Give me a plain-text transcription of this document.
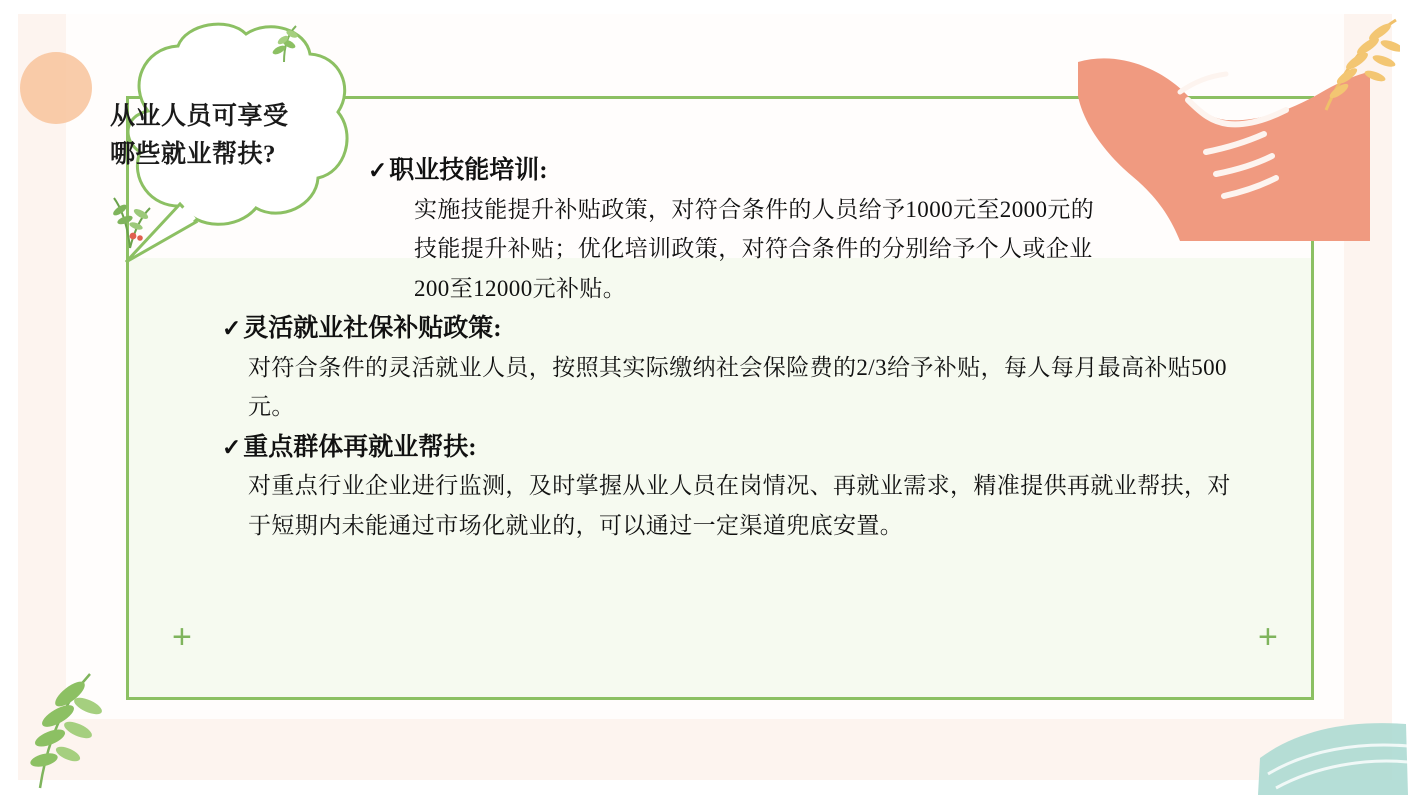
+	+
从业人员可享受
哪些就业帮扶?
✓职业技能培训:
实施技能提升补贴政策，对符合条件的人员给予1000元至2000元的技能提升补贴；优化培训政策，对符合条件的分别给予个人或企业200至12000元补贴。
✓灵活就业社保补贴政策:
对符合条件的灵活就业人员，按照其实际缴纳社会保险费的2/3给予补贴，每人每月最高补贴500元。
✓重点群体再就业帮扶:
对重点行业企业进行监测，及时掌握从业人员在岗情况、再就业需求，精准提供再就业帮扶，对于短期内未能通过市场化就业的，可以通过一定渠道兜底安置。
